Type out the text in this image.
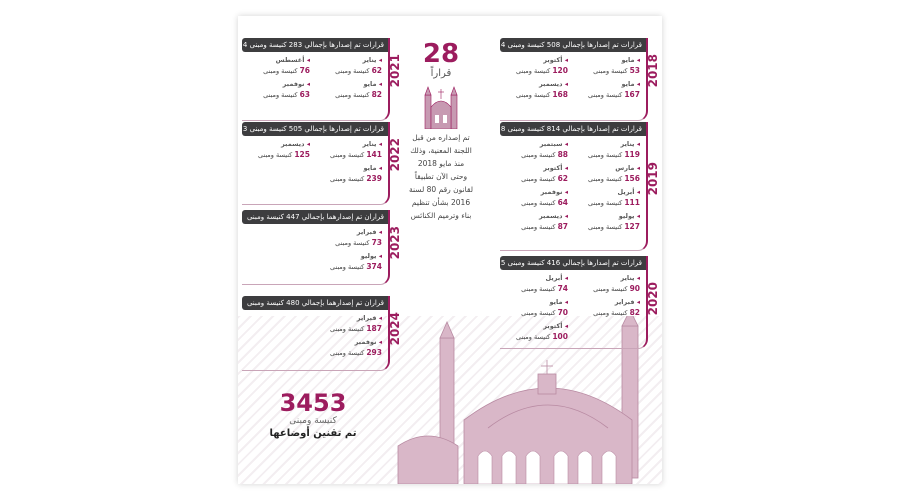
4 قرارات تم إصدارها بإجمالي 508 كنيسة ومبنى
2018
مايو ◂
53 كنيسة ومبنى
مايو ◂
167 كنيسة ومبنى
أكتوبر ◂
120 كنيسة ومبنى
ديسمبر ◂
168 كنيسة ومبنى
8 قرارات تم إصدارها بإجمالي 814 كنيسة ومبنى
2019
يناير ◂
119 كنيسة ومبنى
مارس ◂
156 كنيسة ومبنى
أبريل ◂
111 كنيسة ومبنى
يوليو ◂
127 كنيسة ومبنى
سبتمبر ◂
88 كنيسة ومبنى
أكتوبر ◂
62 كنيسة ومبنى
نوفمبر ◂
64 كنيسة ومبنى
ديسمبر ◂
87 كنيسة ومبنى
5 قرارات تم إصدارها بإجمالي 416 كنيسة ومبنى
2020
يناير ◂
90 كنيسة ومبنى
فبراير ◂
82 كنيسة ومبنى
أبريل ◂
74 كنيسة ومبنى
مايو ◂
70 كنيسة ومبنى
أكتوبر ◂
100 كنيسة ومبنى
4 قرارات تم إصدارها بإجمالي 283 كنيسة ومبنى
2021
يناير ◂
62 كنيسة ومبنى
مايو ◂
82 كنيسة ومبنى
أغسطس ◂
76 كنيسة ومبنى
نوفمبر ◂
63 كنيسة ومبنى
3 قرارات تم إصدارها بإجمالي 505 كنيسة ومبنى
2022
يناير ◂
141 كنيسة ومبنى
مايو ◂
239 كنيسة ومبنى
ديسمبر ◂
125 كنيسة ومبنى
قراران تم إصدارهما بإجمالي 447 كنيسة ومبنى
2023
فبراير ◂
73 كنيسة ومبنى
يوليو ◂
374 كنيسة ومبنى
قراران تم إصدارهما بإجمالي 480 كنيسة ومبنى
2024
فبراير ◂
187 كنيسة ومبنى
نوفمبر ◂
293 كنيسة ومبنى
28
قراراً
تم إصداره من قبل اللجنة المعنية، وذلك منذ مايو 2018 وحتى الآن تطبيقاً لقانون رقم 80 لسنة 2016 بشأن تنظيم بناء وترميم الكنائس
3453
كنيسة ومبنى
تم تقنين أوضاعها
